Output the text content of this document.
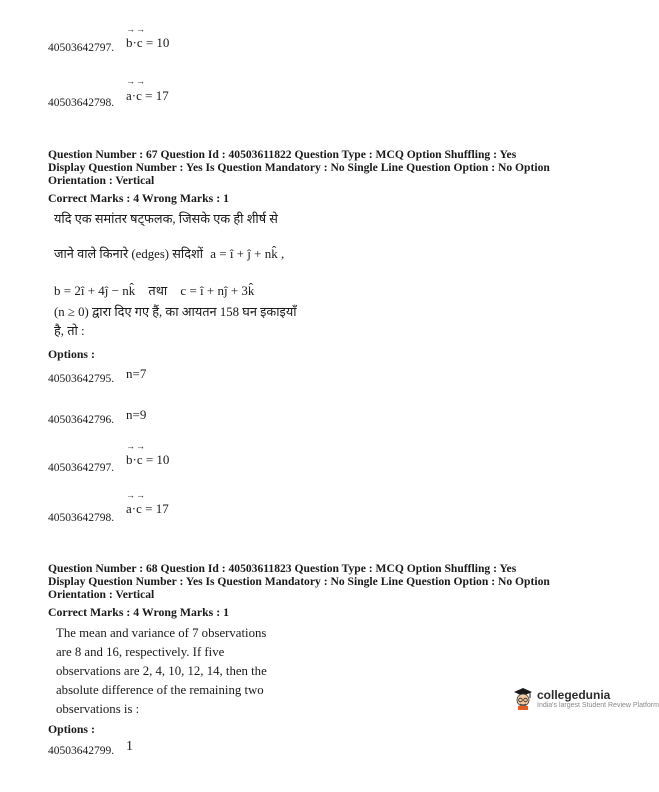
40503642797.
→→
b·c = 10
40503642798.
→→
a·c = 17
Question Number : 67 Question Id : 40503611822 Question Type : MCQ Option Shuffling : Yes
Display Question Number : Yes Is Question Mandatory : No Single Line Question Option : No Option
Orientation : Vertical
Correct Marks : 4 Wrong Marks : 1
यदि एक समांतर षट्फलक, जिसके एक ही शीर्ष से
जाने वाले किनारे (edges) सदिशों a = î + ĵ + nk̂ ,
b = 2î + 4ĵ − nk̂ तथा c = î + nĵ + 3k̂
(n ≥ 0) द्वारा दिए गए हैं, का आयतन 158 घन इकाइयाँ
है, तो :
Options :
40503642795. n=7
40503642796. n=9
40503642797.
→→
b·c = 10
40503642798.
→→
a·c = 17
Question Number : 68 Question Id : 40503611823 Question Type : MCQ Option Shuffling : Yes
Display Question Number : Yes Is Question Mandatory : No Single Line Question Option : No Option
Orientation : Vertical
Correct Marks : 4 Wrong Marks : 1
The mean and variance of 7 observations
are 8 and 16, respectively. If five
observations are 2, 4, 10, 12, 14, then the
absolute difference of the remaining two
observations is :
Options :
40503642799. 1
collegedunia
India's largest Student Review Platform
